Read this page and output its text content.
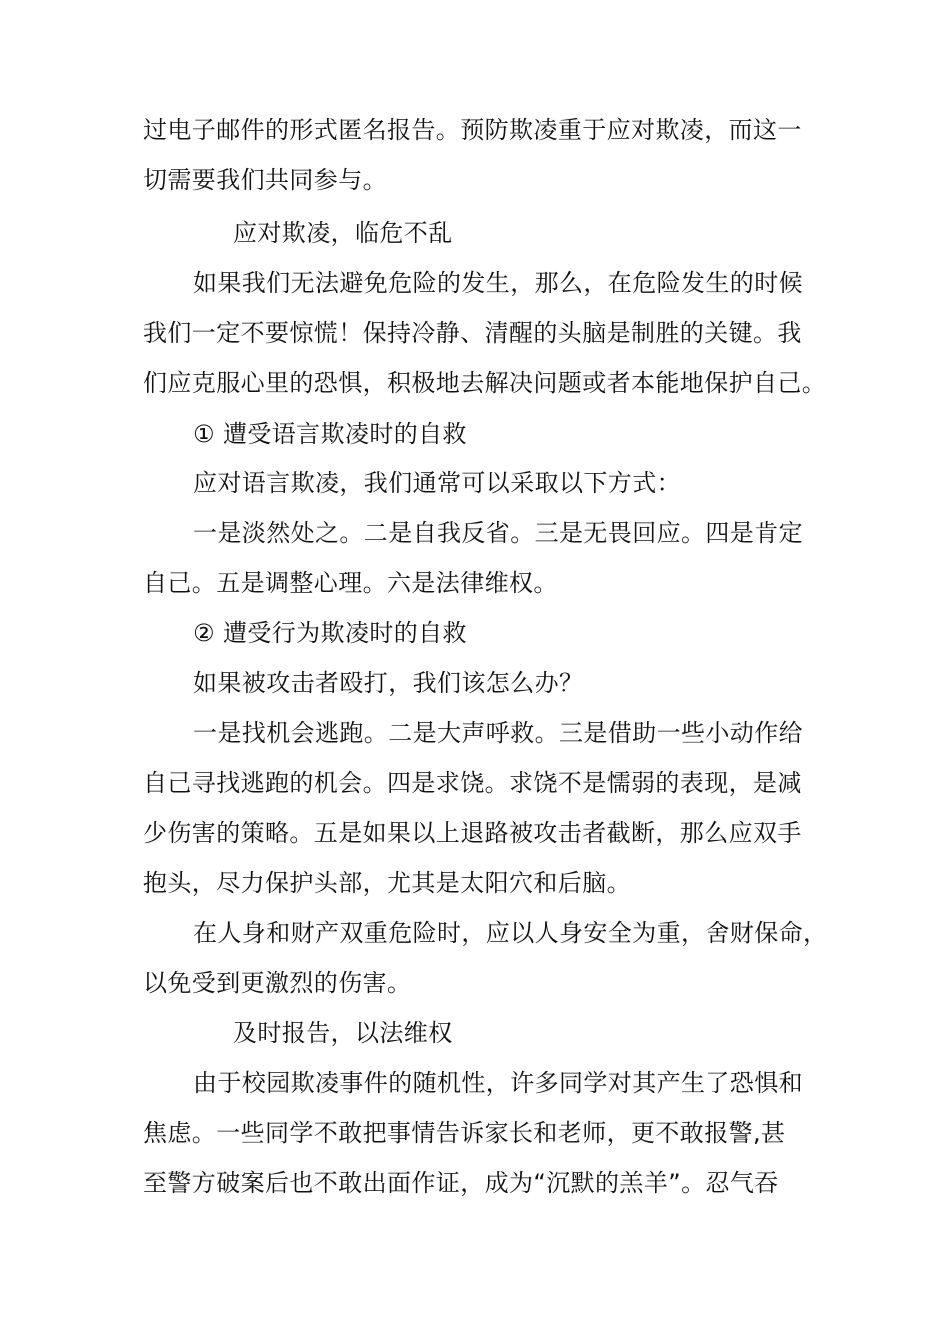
过电子邮件的形式匿名报告。预防欺凌重于应对欺凌，而这一
切需要我们共同参与。
应对欺凌，临危不乱
如果我们无法避免危险的发生，那么，在危险发生的时候
我们一定不要惊慌！保持冷静、清醒的头脑是制胜的关键。我
们应克服心里的恐惧，积极地去解决问题或者本能地保护自己。
① 遭受语言欺凌时的自救
应对语言欺凌，我们通常可以采取以下方式：
一是淡然处之。二是自我反省。三是无畏回应。四是肯定
自己。五是调整心理。六是法律维权。
② 遭受行为欺凌时的自救
如果被攻击者殴打，我们该怎么办？
一是找机会逃跑。二是大声呼救。三是借助一些小动作给
自己寻找逃跑的机会。四是求饶。求饶不是懦弱的表现，是减
少伤害的策略。五是如果以上退路被攻击者截断，那么应双手
抱头，尽力保护头部，尤其是太阳穴和后脑。
在人身和财产双重危险时，应以人身安全为重，舍财保命，
以免受到更激烈的伤害。
及时报告，以法维权
由于校园欺凌事件的随机性，许多同学对其产生了恐惧和
焦虑。一些同学不敢把事情告诉家长和老师，更不敢报警,甚
至警方破案后也不敢出面作证，成为“沉默的羔羊”。忍气吞
